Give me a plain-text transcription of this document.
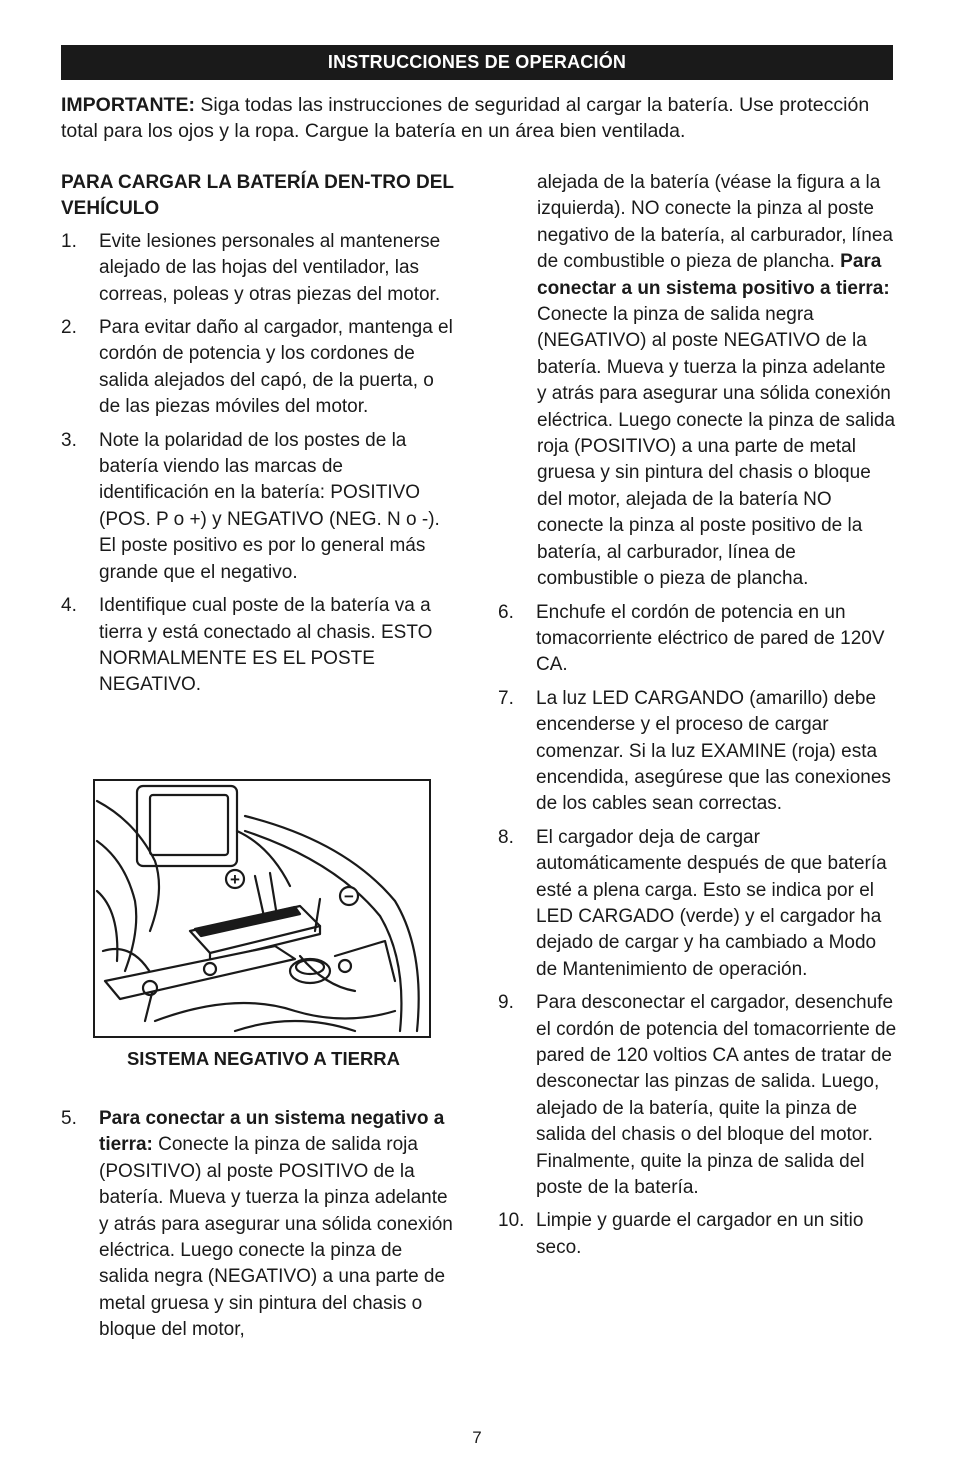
INSTRUCCIONES DE OPERACIÓN
IMPORTANTE: Siga todas las instrucciones de seguridad al cargar la batería. Use protección total para los ojos y la ropa. Cargue la batería en un área bien ventilada.
PARA CARGAR LA BATERÍA DEN-TRO DEL VEHÍCULO
1.	Evite lesiones personales al mantenerse alejado de las hojas del ventilador, las correas, poleas y otras piezas del motor.
2.	Para evitar daño al cargador, mantenga el cordón de potencia y los cordones de salida alejados del capó, de la puerta, o de las piezas móviles del motor.
3.	Note la polaridad de los postes de la batería viendo las marcas de identificación en la batería: POSITIVO (POS. P o +) y NEGATIVO (NEG. N o -). El poste positivo es por lo general más grande que el negativo.
4.	Identifique cual poste de la batería va a tierra y está conectado al chasis. ESTO NORMALMENTE ES EL POSTE NEGATIVO.
+
−
SISTEMA NEGATIVO A TIERRA
5.	Para conectar a un sistema negativo a tierra: Conecte la pinza de salida roja (POSITIVO) al poste POSITIVO de la batería. Mueva y tuerza la pinza adelante y atrás para asegurar una sólida conexión eléctrica. Luego conecte la pinza de salida negra (NEGATIVO) a una parte de metal gruesa y sin pintura del chasis o bloque del motor,
alejada de la batería (véase la figura a la izquierda). NO conecte la pinza al poste negativo de la batería, al carburador, línea de combustible o pieza de plancha. Para conectar a un sistema positivo a tierra: Conecte la pinza de salida negra (NEGATIVO) al poste NEGATIVO de la batería. Mueva y tuerza la pinza adelante y atrás para asegurar una sólida conexión eléctrica. Luego conecte la pinza de salida roja (POSITIVO) a una parte de metal gruesa y sin pintura del chasis o bloque del motor, alejada de la batería NO conecte la pinza al poste positivo de la batería, al carburador, línea de combustible o pieza de plancha.
6.	Enchufe el cordón de potencia en un tomacorriente eléctrico de pared de 120V CA.
7.	La luz LED CARGANDO (amarillo) debe encenderse y el proceso de cargar comenzar. Si la luz EXAMINE (roja) esta encendida, asegúrese que las conexiones de los cables sean correctas.
8.	El cargador deja de cargar automáticamente después de que batería esté a plena carga. Esto se indica por el LED CARGADO (verde) y el cargador ha dejado de cargar y ha cambiado a Modo de Mantenimiento de operación.
9.	Para desconectar el cargador, desenchufe el cordón de potencia del tomacorriente de pared de 120 voltios CA antes de tratar de desconectar las pinzas de salida. Luego, alejado de la batería, quite la pinza de salida del chasis o del bloque del motor. Finalmente, quite la pinza de salida del poste de la batería.
10. Limpie y guarde el cargador en un sitio seco.
7
